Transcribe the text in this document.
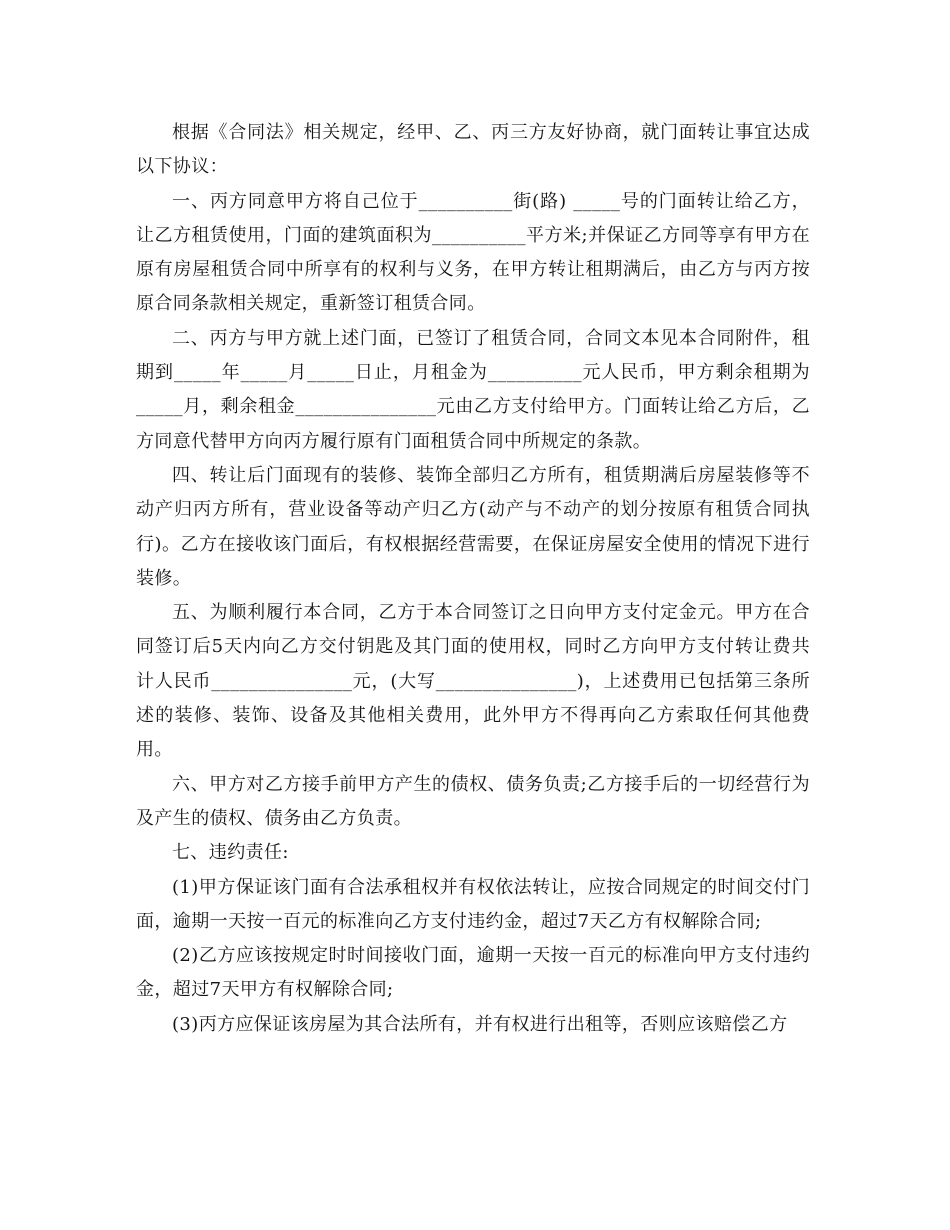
根据《合同法》相关规定，经甲、乙、丙三方友好协商，就门面转让事宜达成以下协议：

一、丙方同意甲方将自己位于__________街(路) _____号的门面转让给乙方，让乙方租赁使用，门面的建筑面积为__________平方米;并保证乙方同等享有甲方在原有房屋租赁合同中所享有的权利与义务，在甲方转让租期满后，由乙方与丙方按原合同条款相关规定，重新签订租赁合同。

二、丙方与甲方就上述门面，已签订了租赁合同，合同文本见本合同附件，租期到_____年_____月_____日止，月租金为__________元人民币，甲方剩余租期为_____月，剩余租金_______________元由乙方支付给甲方。门面转让给乙方后，乙方同意代替甲方向丙方履行原有门面租赁合同中所规定的条款。

四、转让后门面现有的装修、装饰全部归乙方所有，租赁期满后房屋装修等不动产归丙方所有，营业设备等动产归乙方(动产与不动产的划分按原有租赁合同执行)。乙方在接收该门面后，有权根据经营需要，在保证房屋安全使用的情况下进行装修。

五、为顺利履行本合同，乙方于本合同签订之日向甲方支付定金元。甲方在合同签订后5天内向乙方交付钥匙及其门面的使用权，同时乙方向甲方支付转让费共计人民币_______________元，(大写_______________)，上述费用已包括第三条所述的装修、装饰、设备及其他相关费用，此外甲方不得再向乙方索取任何其他费用。

六、甲方对乙方接手前甲方产生的债权、债务负责;乙方接手后的一切经营行为及产生的债权、债务由乙方负责。

七、违约责任:

(1)甲方保证该门面有合法承租权并有权依法转让，应按合同规定的时间交付门面，逾期一天按一百元的标准向乙方支付违约金，超过7天乙方有权解除合同;

(2)乙方应该按规定时时间接收门面，逾期一天按一百元的标准向甲方支付违约金，超过7天甲方有权解除合同;

(3)丙方应保证该房屋为其合法所有，并有权进行出租等，否则应该赔偿乙方
